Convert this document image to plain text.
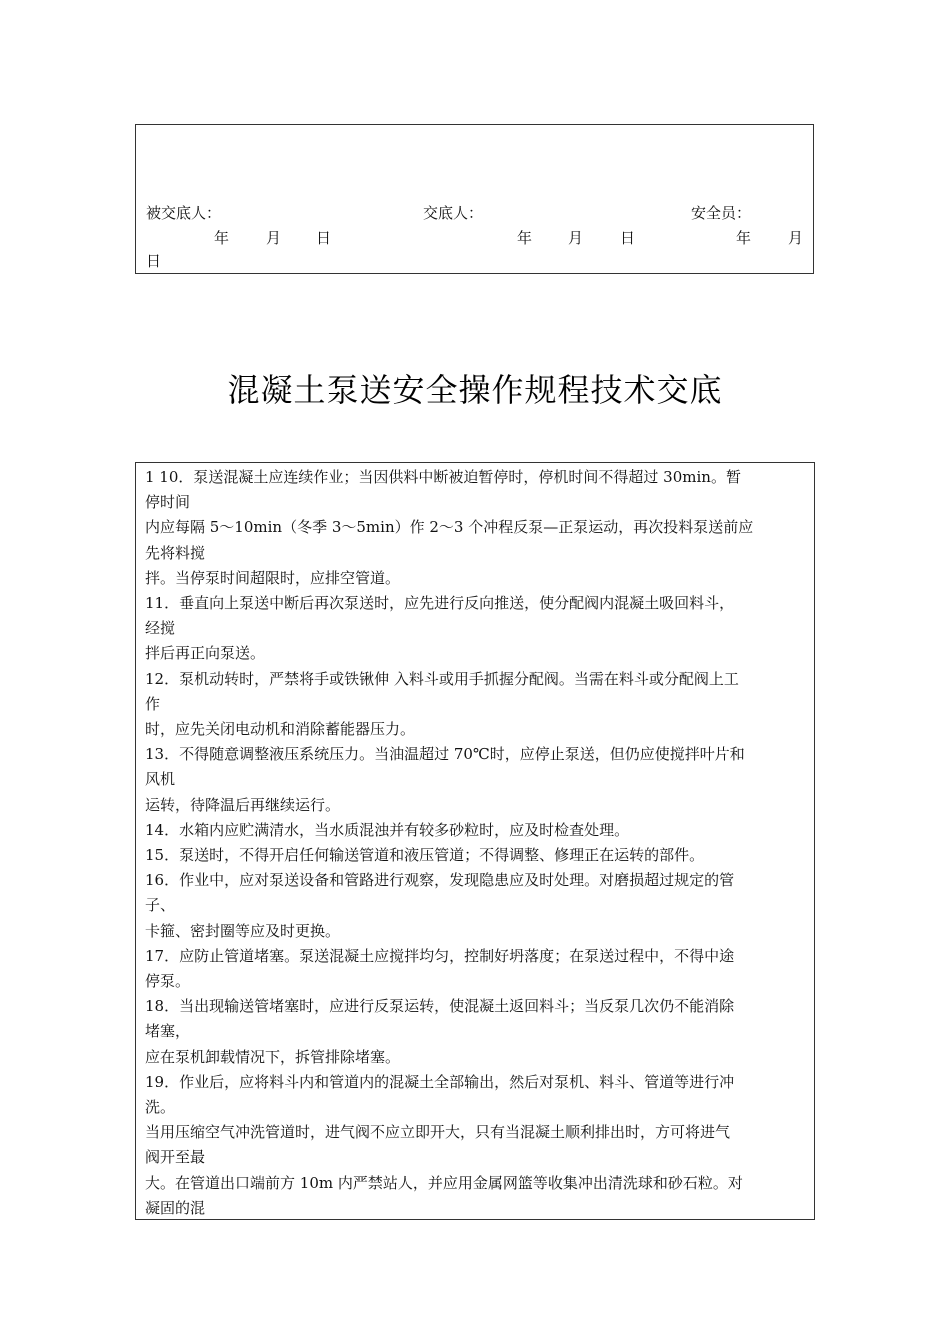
被交底人：	交底人：	安全员：
年 月 日	年 月 日	年 月
日
混凝土泵送安全操作规程技术交底
1 10．泵送混凝土应连续作业；当因供料中断被迫暂停时，停机时间不得超过 30min。暂
停时间
内应每隔 5～10min（冬季 3～5min）作 2～3 个冲程反泵—正泵运动，再次投料泵送前应
先将料搅
拌。当停泵时间超限时，应排空管道。
11．垂直向上泵送中断后再次泵送时，应先进行反向推送，使分配阀内混凝土吸回料斗，
经搅
拌后再正向泵送。
12．泵机动转时，严禁将手或铁锹伸 入料斗或用手抓握分配阀。当需在料斗或分配阀上工
作
时，应先关闭电动机和消除蓄能器压力。
13．不得随意调整液压系统压力。当油温超过 70℃时，应停止泵送，但仍应使搅拌叶片和
风机
运转，待降温后再继续运行。
14．水箱内应贮满清水，当水质混浊并有较多砂粒时，应及时检查处理。
15．泵送时，不得开启任何输送管道和液压管道；不得调整、修理正在运转的部件。
16．作业中，应对泵送设备和管路进行观察，发现隐患应及时处理。对磨损超过规定的管
子、
卡箍、密封圈等应及时更换。
17．应防止管道堵塞。泵送混凝土应搅拌均匀，控制好坍落度；在泵送过程中，不得中途
停泵。
18．当出现输送管堵塞时，应进行反泵运转，使混凝土返回料斗；当反泵几次仍不能消除
堵塞，
应在泵机卸载情况下，拆管排除堵塞。
19．作业后，应将料斗内和管道内的混凝土全部输出，然后对泵机、料斗、管道等进行冲
洗。
当用压缩空气冲洗管道时，进气阀不应立即开大，只有当混凝土顺利排出时，方可将进气
阀开至最
大。在管道出口端前方 10m 内严禁站人，并应用金属网篮等收集冲出清洗球和砂石粒。对
凝固的混
